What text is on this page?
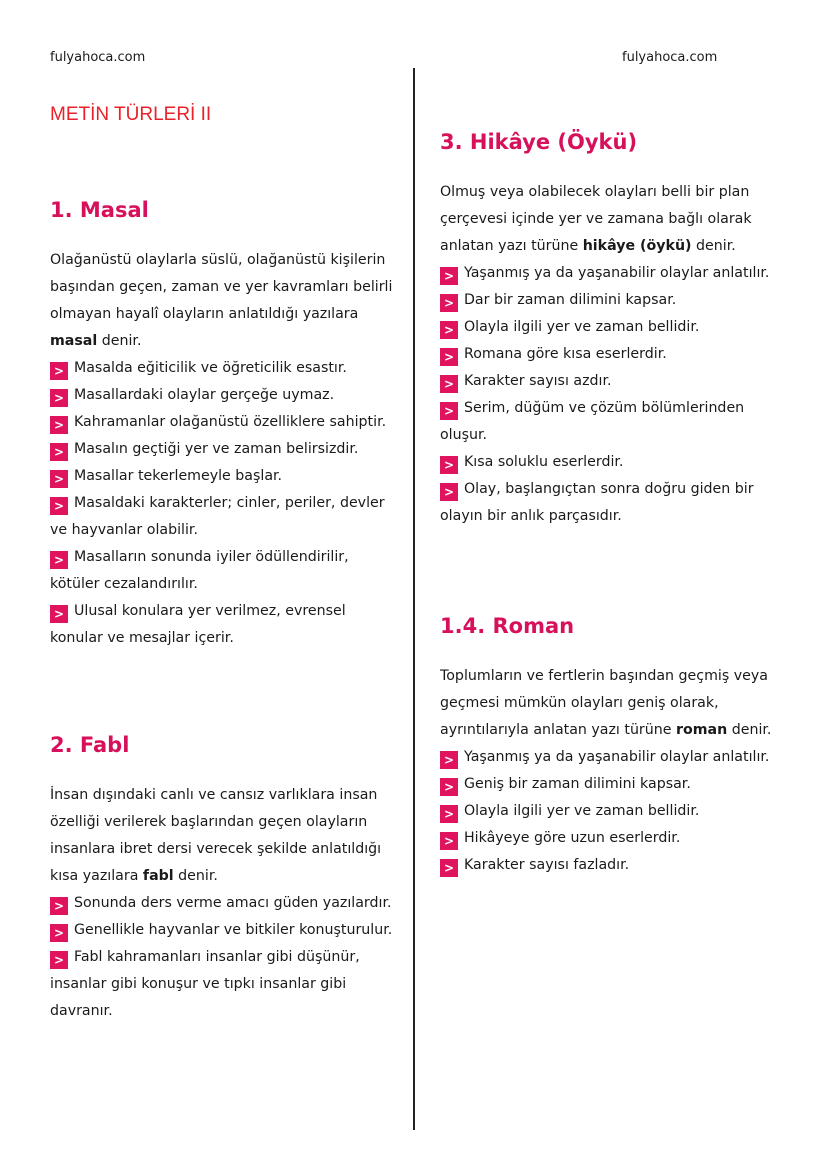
fulyahoca.com	fulyahoca.com
METİN TÜRLERİ II
1. Masal

Olağanüstü olaylarla süslü, olağanüstü kişilerin başından geçen, zaman ve yer kavramları belirli olmayan hayalî olayların anlatıldığı yazılara masal denir.

> Masalda eğiticilik ve öğreticilik esastır.
> Masallardaki olaylar gerçeğe uymaz.
> Kahramanlar olağanüstü özelliklere sahiptir.
> Masalın geçtiği yer ve zaman belirsizdir.
> Masallar tekerlemeyle başlar.
> Masaldaki karakterler; cinler, periler, devler ve hayvanlar olabilir.
> Masalların sonunda iyiler ödüllendirilir, kötüler cezalandırılır.
> Ulusal konulara yer verilmez, evrensel konular ve mesajlar içerir.
2. Fabl

İnsan dışındaki canlı ve cansız varlıklara insan özelliği verilerek başlarından geçen olayların insanlara ibret dersi verecek şekilde anlatıldığı kısa yazılara fabl denir.

> Sonunda ders verme amacı güden yazılardır.
> Genellikle hayvanlar ve bitkiler konuşturulur.
> Fabl kahramanları insanlar gibi düşünür, insanlar gibi konuşur ve tıpkı insanlar gibi davranır.
3. Hikâye (Öykü)

Olmuş veya olabilecek olayları belli bir plan çerçevesi içinde yer ve zamana bağlı olarak anlatan yazı türüne hikâye (öykü) denir.

> Yaşanmış ya da yaşanabilir olaylar anlatılır.
> Dar bir zaman dilimini kapsar.
> Olayla ilgili yer ve zaman bellidir.
> Romana göre kısa eserlerdir.
> Karakter sayısı azdır.
> Serim, düğüm ve çözüm bölümlerinden oluşur.
> Kısa soluklu eserlerdir.
> Olay, başlangıçtan sonra doğru giden bir olayın bir anlık parçasıdır.
1.4. Roman

Toplumların ve fertlerin başından geçmiş veya geçmesi mümkün olayları geniş olarak, ayrıntılarıyla anlatan yazı türüne roman denir.

> Yaşanmış ya da yaşanabilir olaylar anlatılır.
> Geniş bir zaman dilimini kapsar.
> Olayla ilgili yer ve zaman bellidir.
> Hikâyeye göre uzun eserlerdir.
> Karakter sayısı fazladır.
